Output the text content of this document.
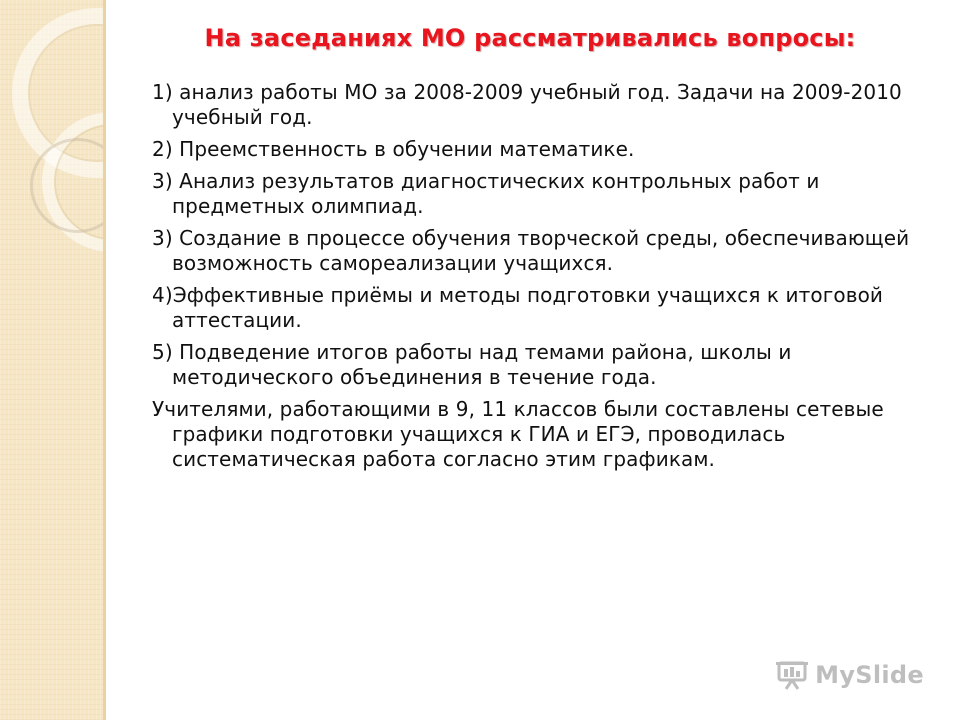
На заседаниях МО рассматривались вопросы:
1) анализ работы МО за 2008-2009 учебный год. Задачи на 2009-2010 учебный год.
2) Преемственность в обучении математике.
3) Анализ результатов диагностических контрольных работ и предметных олимпиад.
3) Создание в процессе обучения творческой среды, обеспечивающей возможность самореализации учащихся.
4)Эффективные приёмы и методы подготовки учащихся к итоговой аттестации.
5) Подведение итогов работы над темами района, школы и методического объединения в течение года.
Учителями, работающими в 9, 11 классов были составлены сетевые графики подготовки учащихся к ГИА и ЕГЭ, проводилась систематическая работа согласно этим графикам.
MySlide
